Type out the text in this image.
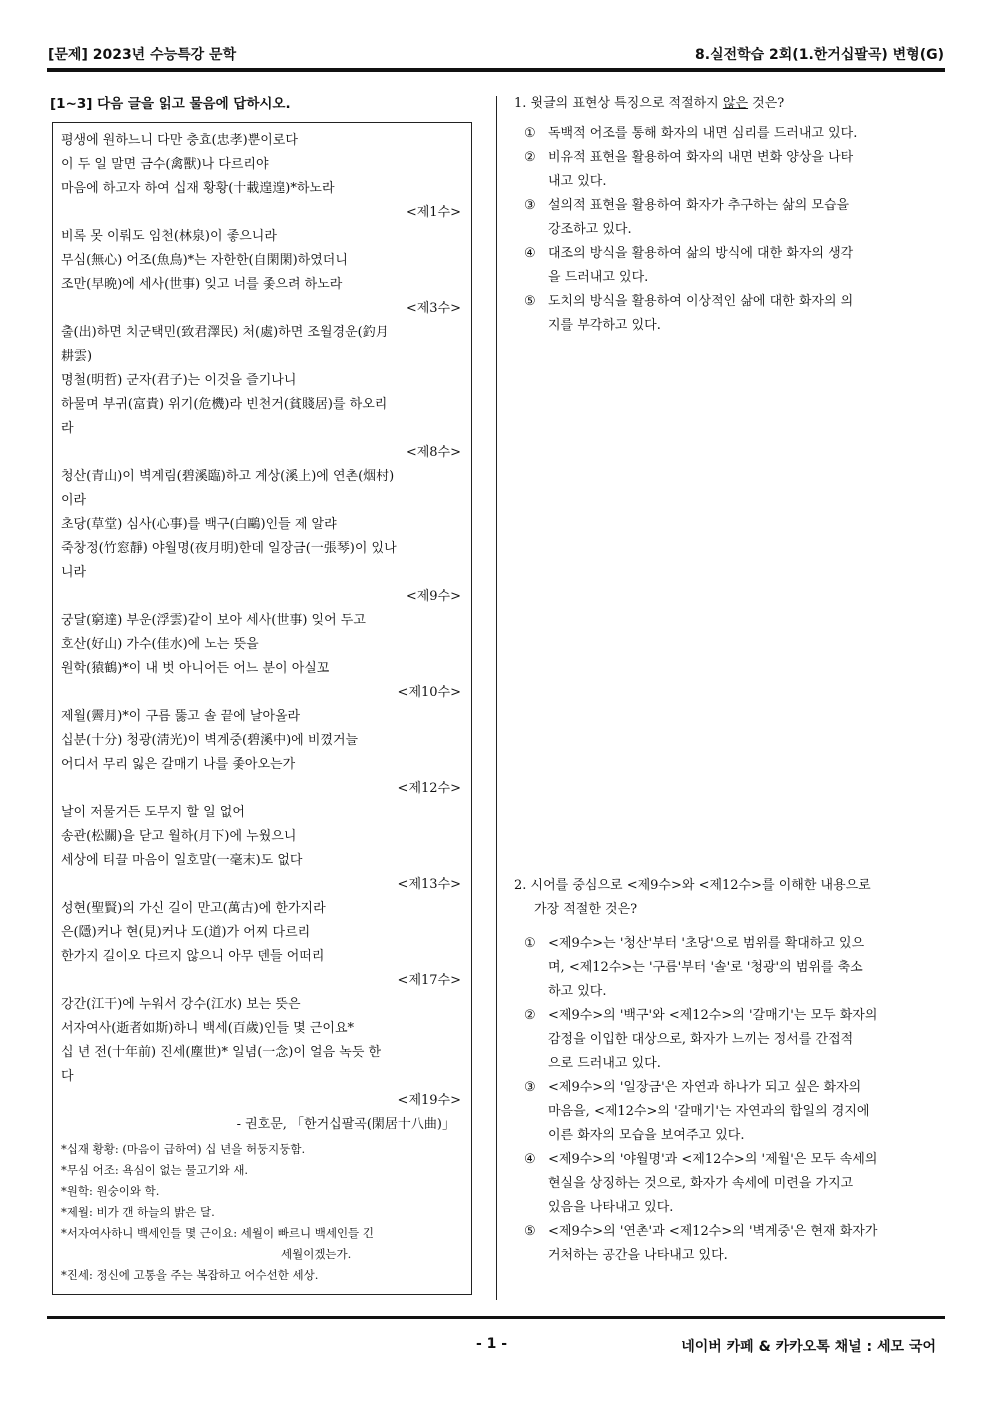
[문제] 2023년 수능특강 문학	8.실전학습 2회(1.한거십팔곡) 변형(G)
[1~3] 다음 글을 읽고 물음에 답하시오.
평생에 원하느니 다만 충효(忠孝)뿐이로다
이 두 일 말면 금수(禽獸)나 다르리야
마음에 하고자 하여 십재 황황(十載遑遑)*하노라
<제1수>
비록 못 이뤄도 임천(林泉)이 좋으니라
무심(無心) 어조(魚鳥)*는 자한한(自閑閑)하였더니
조만(早晩)에 세사(世事) 잊고 너를 좇으려 하노라
<제3수>
출(出)하면 치군택민(致君澤民) 처(處)하면 조월경운(釣月
耕雲)
명철(明哲) 군자(君子)는 이것을 즐기나니
하물며 부귀(富貴) 위기(危機)라 빈천거(貧賤居)를 하오리
라
<제8수>
청산(青山)이 벽계림(碧溪臨)하고 계상(溪上)에 연촌(烟村)
이라
초당(草堂) 심사(心事)를 백구(白鷗)인들 제 알랴
죽창정(竹窓靜) 야월명(夜月明)한데 일장금(一張琴)이 있나
니라
<제9수>
궁달(窮達) 부운(浮雲)같이 보아 세사(世事) 잊어 두고
호산(好山) 가수(佳水)에 노는 뜻을
원학(猿鶴)*이 내 벗 아니어든 어느 분이 아실꼬
<제10수>
제월(霽月)*이 구름 뚫고 솔 끝에 날아올라
십분(十分) 청광(淸光)이 벽계중(碧溪中)에 비꼈거늘
어디서 무리 잃은 갈매기 나를 좇아오는가
<제12수>
날이 저물거든 도무지 할 일 없어
송관(松關)을 닫고 월하(月下)에 누웠으니
세상에 티끌 마음이 일호말(一毫末)도 없다
<제13수>
성현(聖賢)의 가신 길이 만고(萬古)에 한가지라
은(隱)커나 현(見)커나 도(道)가 어찌 다르리
한가지 길이오 다르지 않으니 아무 덴들 어떠리
<제17수>
강간(江干)에 누워서 강수(江水) 보는 뜻은
서자여사(逝者如斯)하니 백세(百歲)인들 몇 근이요*
십 년 전(十年前) 진세(塵世)* 일념(一念)이 얼음 녹듯 한
다
<제19수>
- 권호문, 「한거십팔곡(閑居十八曲)」
*십재 황황: (마음이 급하여) 십 년을 허둥지둥함.
*무심 어조: 욕심이 없는 물고기와 새.
*원학: 원숭이와 학.
*제월: 비가 갠 하늘의 밝은 달.
*서자여사하니 백세인들 몇 근이요: 세월이 빠르니 백세인들 긴
세월이겠는가.
*진세: 정신에 고통을 주는 복잡하고 어수선한 세상.
1. 윗글의 표현상 특징으로 적절하지 않은 것은?
① 독백적 어조를 통해 화자의 내면 심리를 드러내고 있다.
② 비유적 표현을 활용하여 화자의 내면 변화 양상을 나타
내고 있다.
③ 설의적 표현을 활용하여 화자가 추구하는 삶의 모습을
강조하고 있다.
④ 대조의 방식을 활용하여 삶의 방식에 대한 화자의 생각
을 드러내고 있다.
⑤ 도치의 방식을 활용하여 이상적인 삶에 대한 화자의 의
지를 부각하고 있다.
2. 시어를 중심으로 <제9수>와 <제12수>를 이해한 내용으로
가장 적절한 것은?
① <제9수>는 '청산'부터 '초당'으로 범위를 확대하고 있으
며, <제12수>는 '구름'부터 '솔'로 '청광'의 범위를 축소
하고 있다.
② <제9수>의 '백구'와 <제12수>의 '갈매기'는 모두 화자의
감정을 이입한 대상으로, 화자가 느끼는 정서를 간접적
으로 드러내고 있다.
③ <제9수>의 '일장금'은 자연과 하나가 되고 싶은 화자의
마음을, <제12수>의 '갈매기'는 자연과의 합일의 경지에
이른 화자의 모습을 보여주고 있다.
④ <제9수>의 '야월명'과 <제12수>의 '제월'은 모두 속세의
현실을 상징하는 것으로, 화자가 속세에 미련을 가지고
있음을 나타내고 있다.
⑤ <제9수>의 '연촌'과 <제12수>의 '벽계중'은 현재 화자가
거처하는 공간을 나타내고 있다.
- 1 -	네이버 카페 & 카카오톡 채널 : 세모 국어
